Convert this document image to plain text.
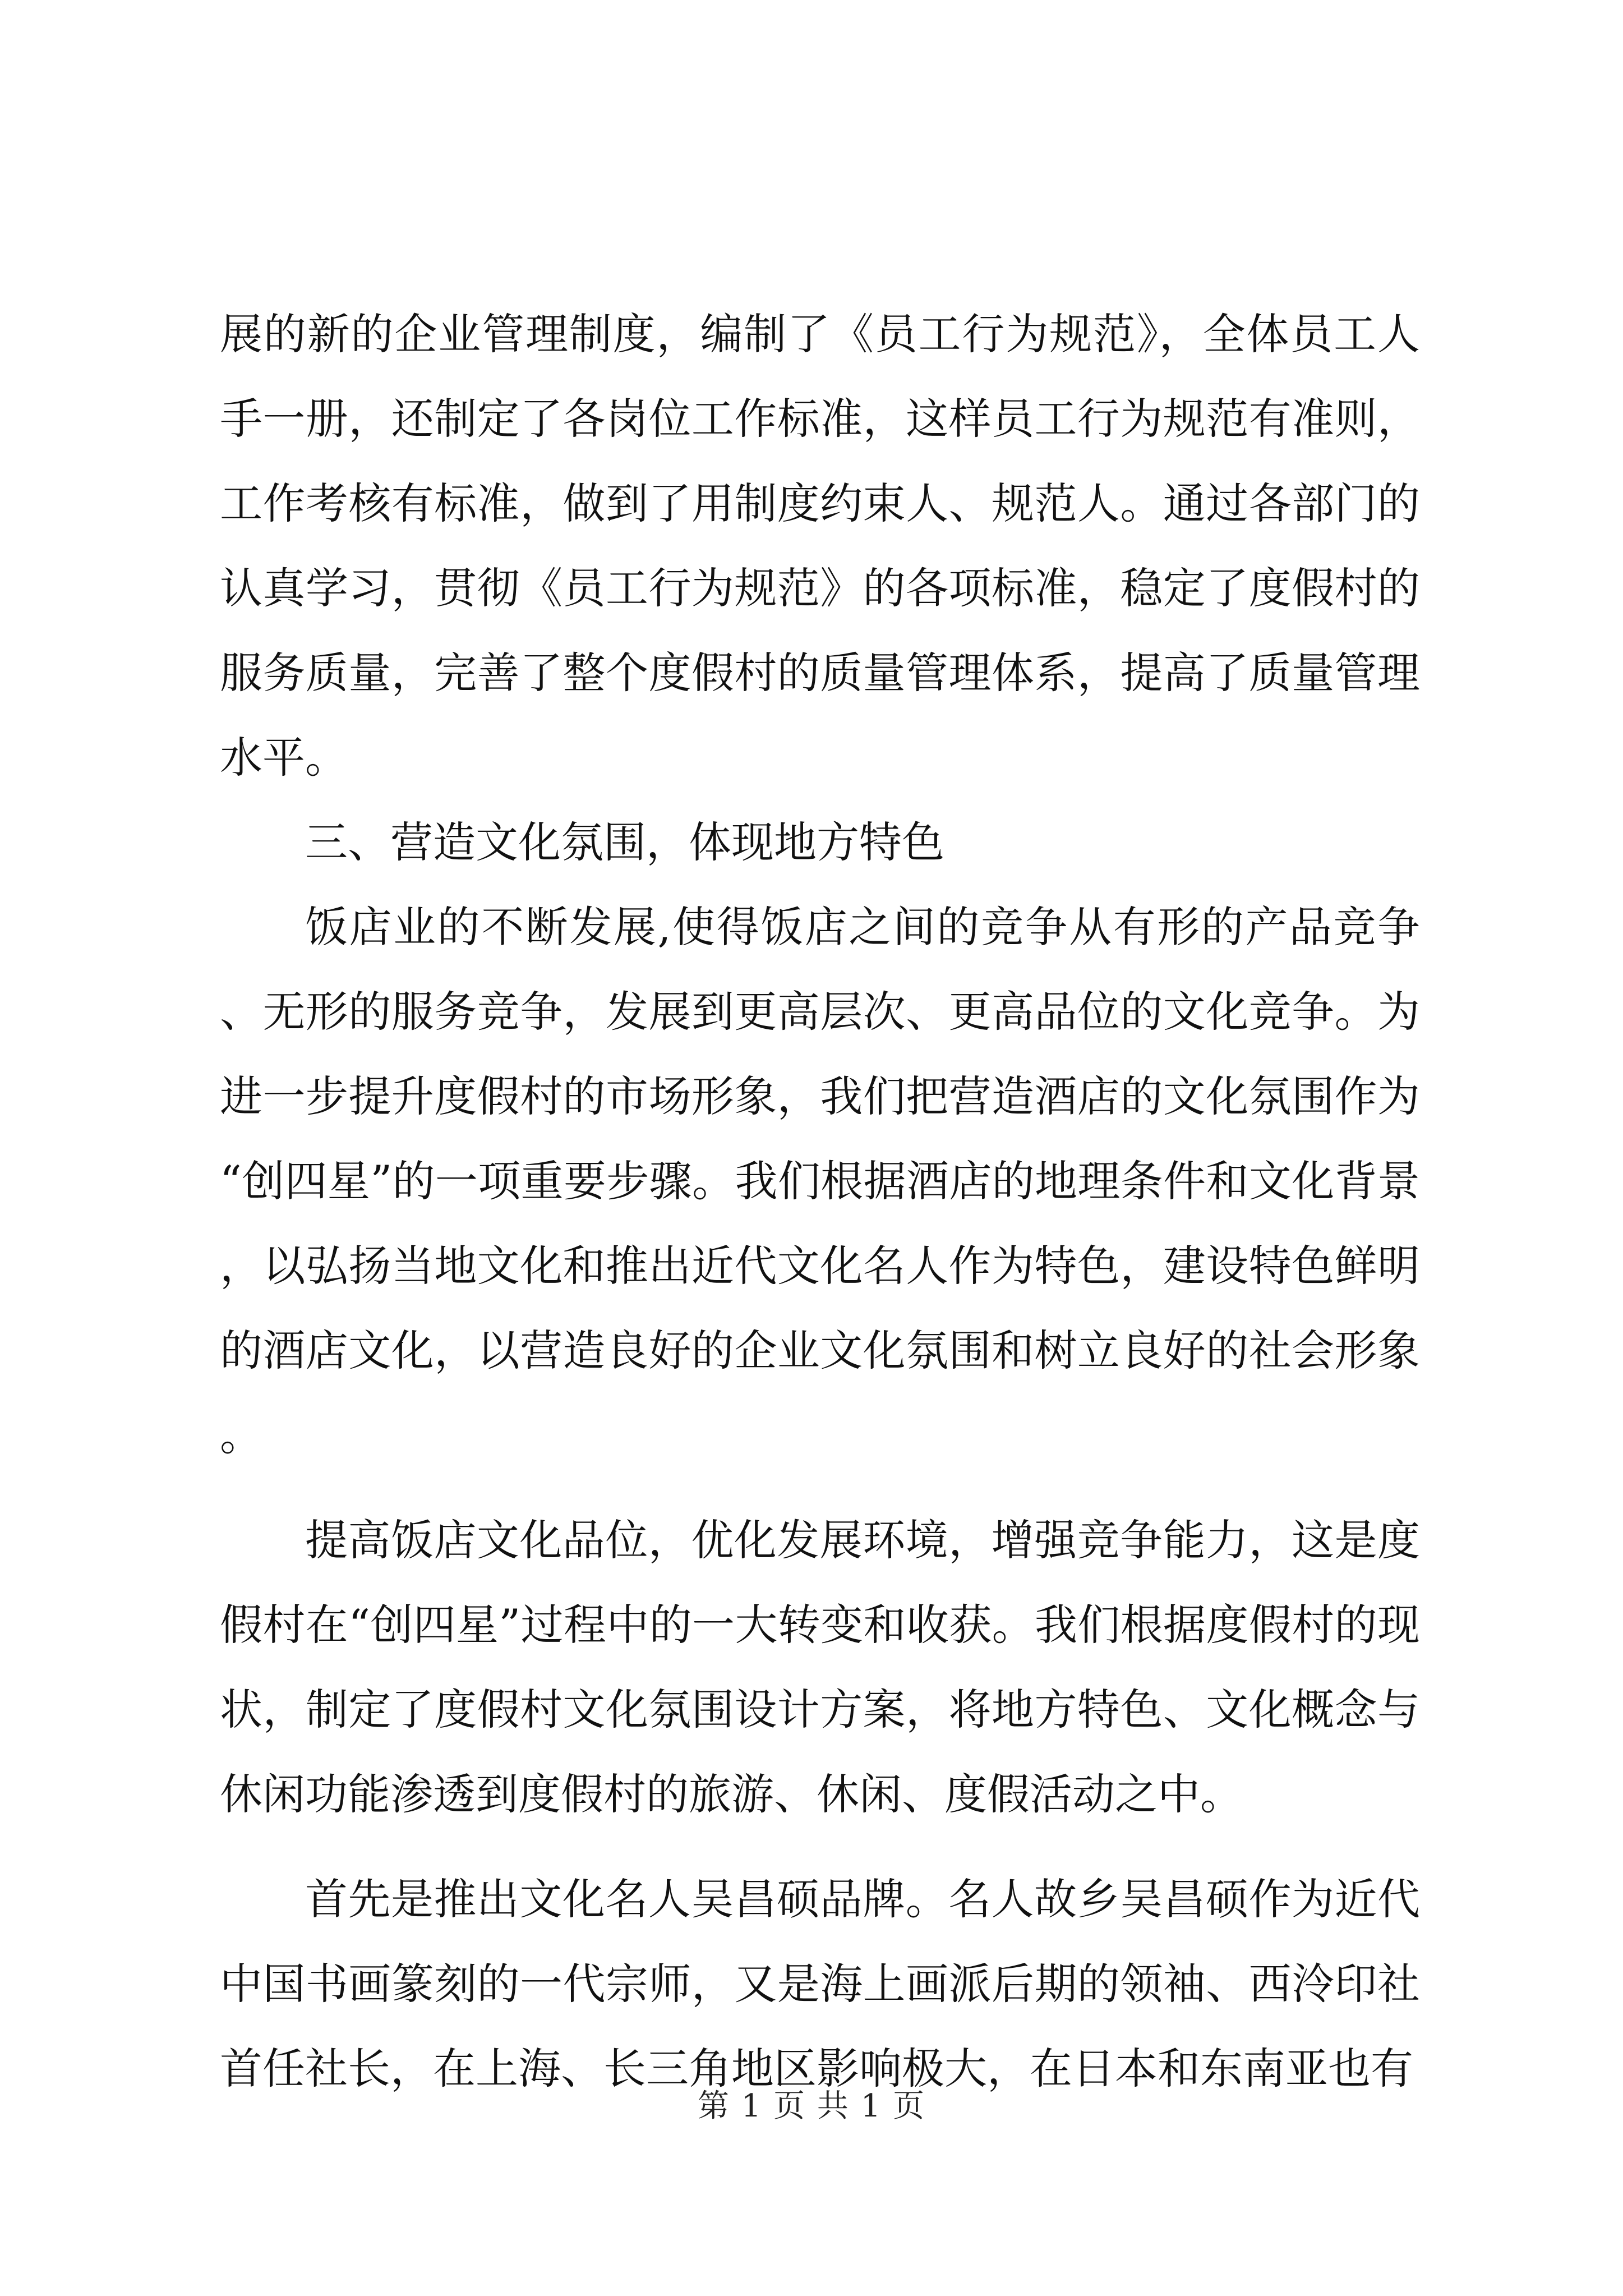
展的新的企业管理制度，编制了《员工行为规范》，全体员工人手一册，还制定了各岗位工作标准，这样员工行为规范有准则，工作考核有标准，做到了用制度约束人、规范人。通过各部门的认真学习，贯彻《员工行为规范》的各项标准，稳定了度假村的服务质量，完善了整个度假村的质量管理体系，提高了质量管理水平。

三、营造文化氛围，体现地方特色

饭店业的不断发展,使得饭店之间的竞争从有形的产品竞争、无形的服务竞争，发展到更高层次、更高品位的文化竞争。为进一步提升度假村的市场形象，我们把营造酒店的文化氛围作为“创四星”的一项重要步骤。我们根据酒店的地理条件和文化背景，以弘扬当地文化和推出近代文化名人作为特色，建设特色鲜明的酒店文化，以营造良好的企业文化氛围和树立良好的社会形象。

提高饭店文化品位，优化发展环境，增强竞争能力，这是度假村在“创四星”过程中的一大转变和收获。我们根据度假村的现状，制定了度假村文化氛围设计方案，将地方特色、文化概念与休闲功能渗透到度假村的旅游、休闲、度假活动之中。

首先是推出文化名人吴昌硕品牌。名人故乡吴昌硕作为近代中国书画篆刻的一代宗师，又是海上画派后期的领袖、西泠印社首任社长，在上海、长三角地区影响极大，在日本和东南亚也有

第 1 页 共 1 页
